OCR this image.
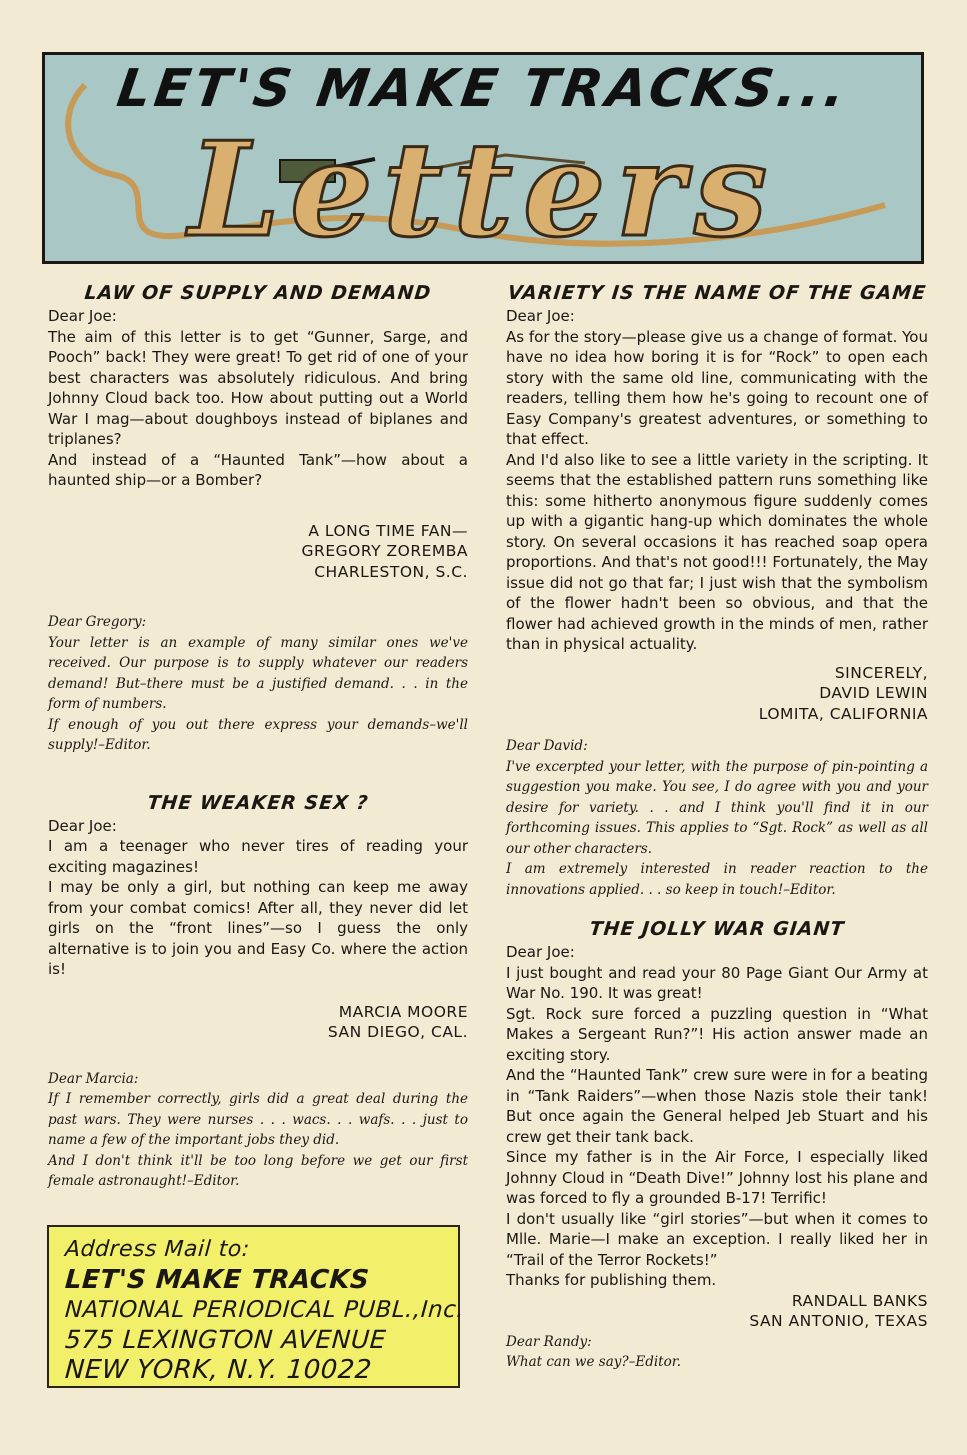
LET'S MAKE TRACKS...
Letters

LAW OF SUPPLY AND DEMAND

Dear Joe:

The aim of this letter is to get “Gunner, Sarge, and Pooch” back! They were great! To get rid of one of your best characters was absolutely ridiculous. And bring Johnny Cloud back too. How about putting out a World War I mag—about doughboys instead of biplanes and triplanes?

And instead of a “Haunted Tank”—how about a haunted ship—or a Bomber?

A LONG TIME FAN—

GREGORY ZOREMBA

CHARLESTON, S.C.

Dear Gregory:

Your letter is an example of many similar ones we've received. Our purpose is to supply whatever our readers demand! But–there must be a justified demand. . . in the form of numbers.

If enough of you out there express your demands–we'll supply!–Editor.

THE WEAKER SEX ?

Dear Joe:

I am a teenager who never tires of reading your exciting magazines!

I may be only a girl, but nothing can keep me away from your combat comics! After all, they never did let girls on the “front lines”—so I guess the only alternative is to join you and Easy Co. where the action is!

MARCIA MOORE

SAN DIEGO, CAL.

Dear Marcia:

If I remember correctly, girls did a great deal during the past wars. They were nurses . . . wacs. . . wafs. . . just to name a few of the important jobs they did.

And I don't think it'll be too long before we get our first female astronaught!–Editor.

Address Mail to:
LET'S MAKE TRACKS
NATIONAL PERIODICAL PUBL.,Inc.
575 LEXINGTON AVENUE
NEW YORK, N.Y. 10022

VARIETY IS THE NAME OF THE GAME

Dear Joe:

As for the story—please give us a change of format. You have no idea how boring it is for “Rock” to open each story with the same old line, communicating with the readers, telling them how he's going to recount one of Easy Company's greatest adventures, or something to that effect.

And I'd also like to see a little variety in the scripting. It seems that the established pattern runs something like this: some hitherto anonymous figure suddenly comes up with a gigantic hang-up which dominates the whole story. On several occasions it has reached soap opera proportions. And that's not good!!! Fortunately, the May issue did not go that far; I just wish that the symbolism of the flower hadn't been so obvious, and that the flower had achieved growth in the minds of men, rather than in physical actuality.

SINCERELY,

DAVID LEWIN

LOMITA, CALIFORNIA

Dear David:

I've excerpted your letter, with the purpose of pin-pointing a suggestion you make. You see, I do agree with you and your desire for variety. . . and I think you'll find it in our forthcoming issues. This applies to “Sgt. Rock” as well as all our other characters.

I am extremely interested in reader reaction to the innovations applied. . . so keep in touch!–Editor.

THE JOLLY WAR GIANT

Dear Joe:

I just bought and read your 80 Page Giant Our Army at War No. 190. It was great!

Sgt. Rock sure forced a puzzling question in “What Makes a Sergeant Run?”! His action answer made an exciting story.

And the “Haunted Tank” crew sure were in for a beating in “Tank Raiders”—when those Nazis stole their tank! But once again the General helped Jeb Stuart and his crew get their tank back.

Since my father is in the Air Force, I especially liked Johnny Cloud in “Death Dive!” Johnny lost his plane and was forced to fly a grounded B-17! Terrific!

I don't usually like “girl stories”—but when it comes to Mlle. Marie—I make an exception. I really liked her in “Trail of the Terror Rockets!”

Thanks for publishing them.

RANDALL BANKS

SAN ANTONIO, TEXAS

Dear Randy:

What can we say?–Editor.
